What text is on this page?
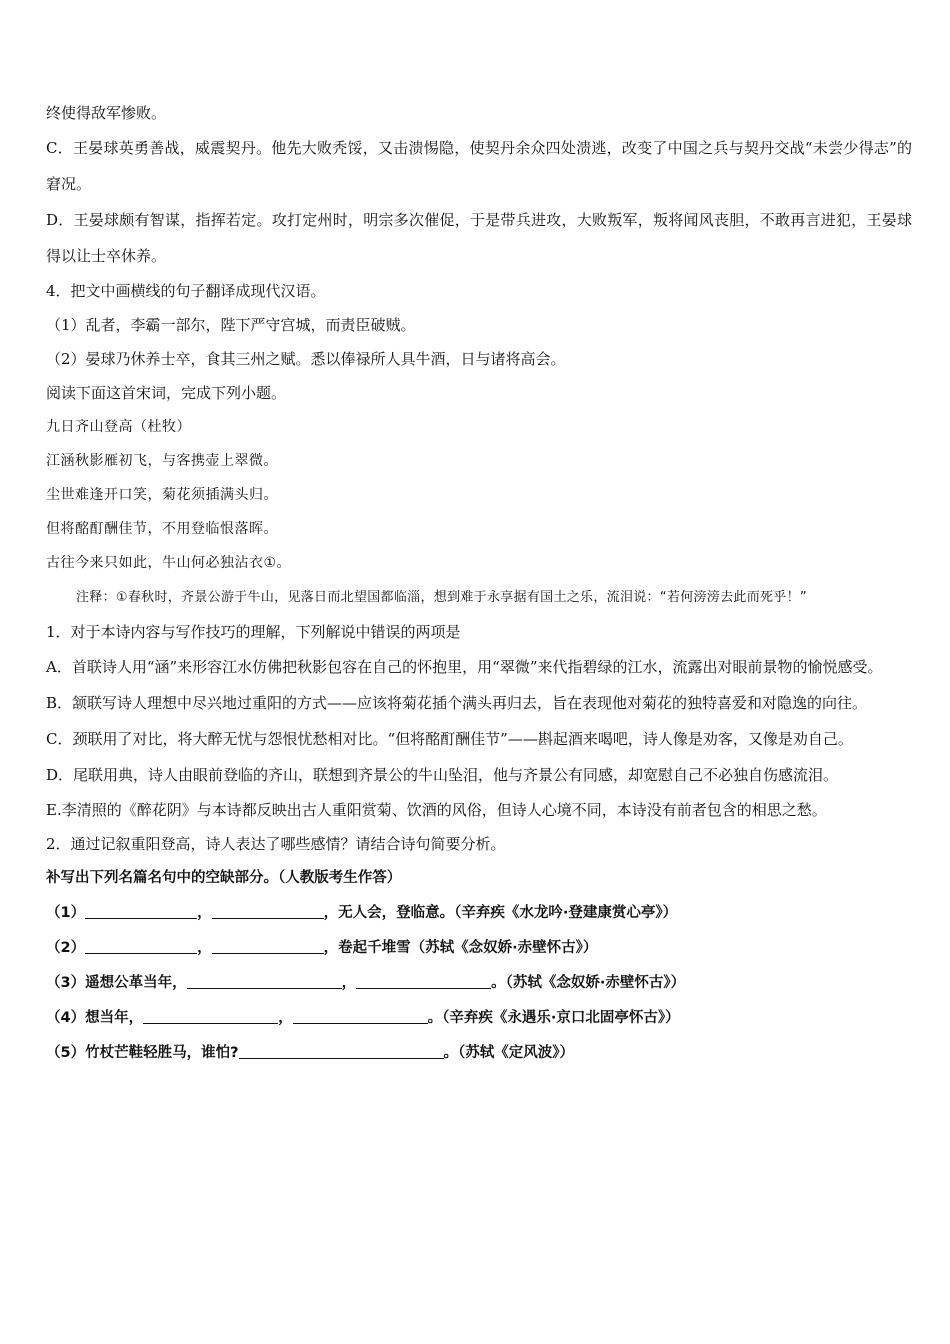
终使得敌军惨败。
C．王晏球英勇善战，威震契丹。他先大败秃馁，又击溃惕隐，使契丹余众四处溃逃，改变了中国之兵与契丹交战“未尝少得志”的窘况。
D．王晏球颇有智谋，指挥若定。攻打定州时，明宗多次催促，于是带兵进攻，大败叛军，叛将闻风丧胆，不敢再言进犯，王晏球得以让士卒休养。
4．把文中画横线的句子翻译成现代汉语。
（1）乱者，李霸一部尔，陛下严守宫城，而责臣破贼。
（2）晏球乃休养士卒，食其三州之赋。悉以俸禄所人具牛酒，日与诸将高会。
阅读下面这首宋词，完成下列小题。
九日齐山登高（杜牧）
江涵秋影雁初飞，与客携壶上翠微。
尘世难逢开口笑，菊花须插满头归。
但将酩酊酬佳节，不用登临恨落晖。
古往今来只如此，牛山何必独沾衣①。
注释：①春秋时，齐景公游于牛山，见落日而北望国都临淄，想到难于永享据有国土之乐，流泪说：“若何滂滂去此而死乎！”
1．对于本诗内容与写作技巧的理解，下列解说中错误的两项是
A．首联诗人用“涵”来形容江水仿佛把秋影包容在自己的怀抱里，用“翠微”来代指碧绿的江水，流露出对眼前景物的愉悦感受。
B．颔联写诗人理想中尽兴地过重阳的方式——应该将菊花插个满头再归去，旨在表现他对菊花的独特喜爱和对隐逸的向往。
C．颈联用了对比，将大醉无忧与怨恨忧愁相对比。“但将酩酊酬佳节”——斟起酒来喝吧，诗人像是劝客，又像是劝自己。
D．尾联用典，诗人由眼前登临的齐山，联想到齐景公的牛山坠泪，他与齐景公有同感，却宽慰自己不必独自伤感流泪。
E.李清照的《醉花阴》与本诗都反映出古人重阳赏菊、饮酒的风俗，但诗人心境不同，本诗没有前者包含的相思之愁。
2．通过记叙重阳登高，诗人表达了哪些感情？请结合诗句简要分析。
补写出下列名篇名句中的空缺部分。（人教版考生作答）
（1）	，	，无人会，登临意。（辛弃疾《水龙吟·登建康赏心亭》）
（2）	，	，卷起千堆雪（苏轼《念奴娇·赤壁怀古》）
（3）遥想公革当年，	，	。（苏轼《念奴娇·赤壁怀古》）
（4）想当年，	，	。（辛弃疾《永遇乐·京口北固亭怀古》）
（5）竹杖芒鞋轻胜马，谁怕?	。（苏轼《定风波》）
